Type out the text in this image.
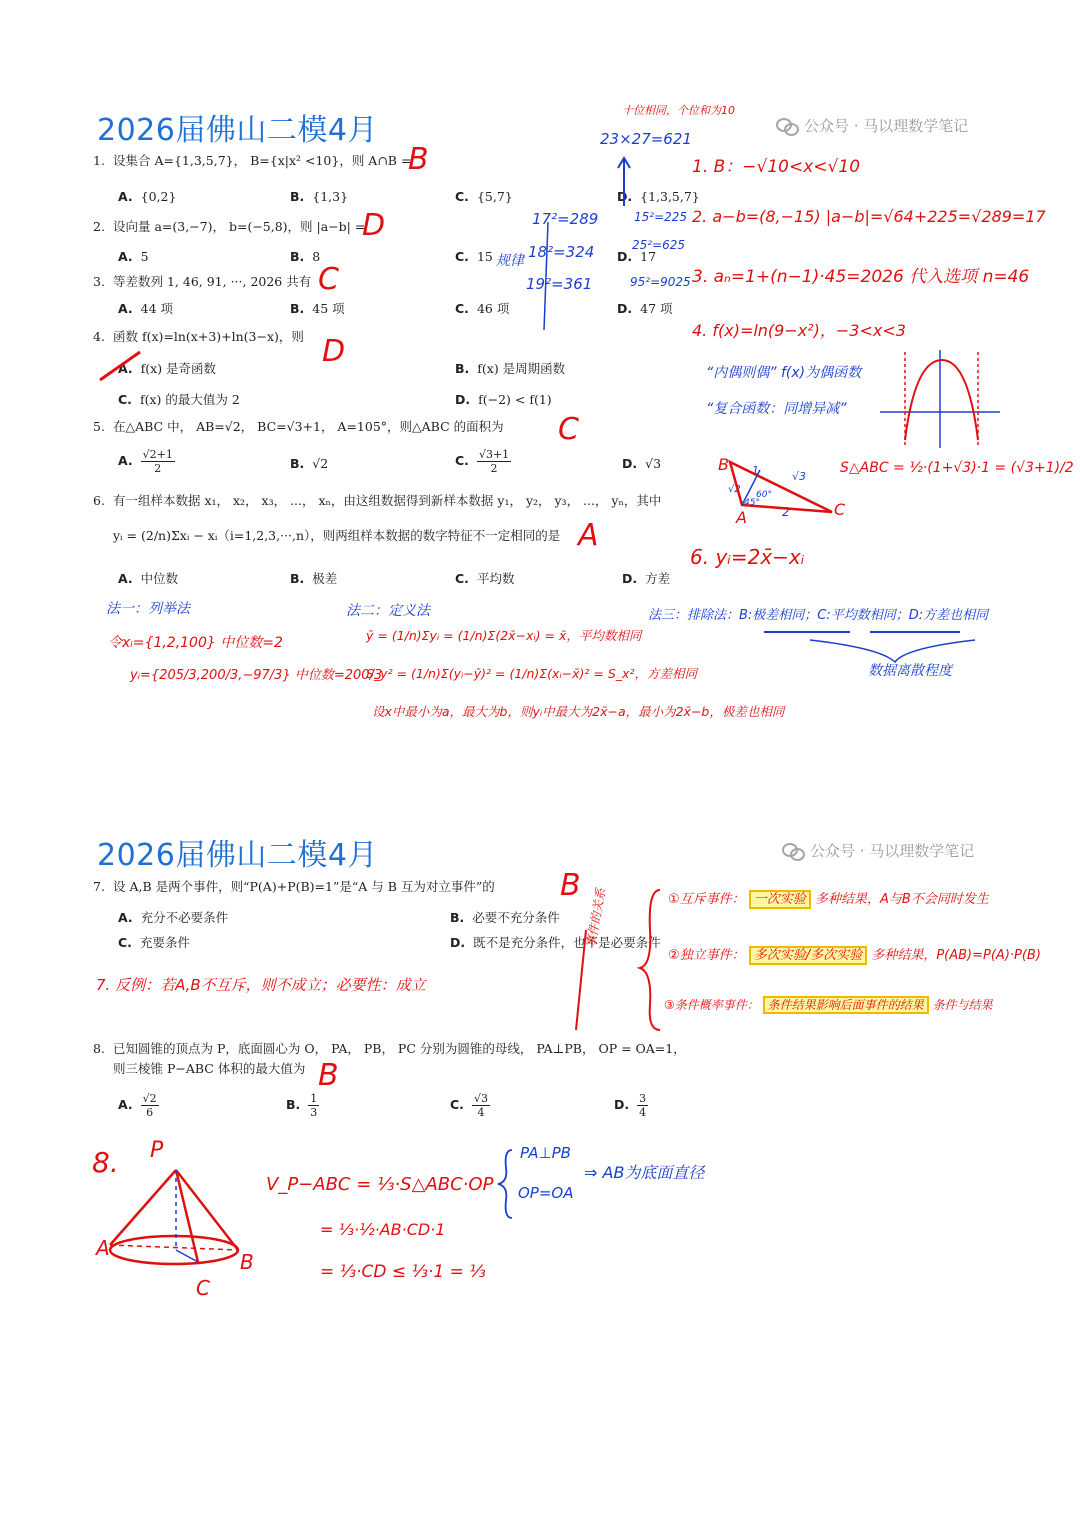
2026届佛山二模4月	公众号 · 马以理数学笔记
1. 设集合 A={1,3,5,7}， B={x|x² <10}，则 A∩B =
A. {0,2}	B. {1,3}	C. {5,7}	D. {1,3,5,7}
2. 设向量 a=(3,−7)， b=(−5,8)，则 |a−b| =
A. 5	B. 8	C. 15	D. 17
3. 等差数列 1, 46, 91, ···, 2026 共有
A. 44 项	B. 45 项	C. 46 项	D. 47 项
4. 函数 f(x)=ln(x+3)+ln(3−x)，则
A. f(x) 是奇函数	B. f(x) 是周期函数
C. f(x) 的最大值为 2	D. f(−2) < f(1)
5. 在△ABC 中， AB=√2， BC=√3+1， A=105°，则△ABC 的面积为
A. $\frac{√2+1}{2}$	B. √2	C. $\frac{√3+1}{2}$	D. √3
6. 有一组样本数据 x₁， x₂， x₃， ...， xₙ，由这组数据得到新样本数据 y₁， y₂， y₃， ...， yₙ，其中
yᵢ = (2/n)Σxᵢ − xᵢ（i=1,2,3,···,n），则两组样本数据的数字特征不一定相同的是
A. 中位数	B. 极差	C. 平均数	D. 方差
B
D
C
D
C
A
1. B：−√10<x<√10
2. a−b=(8,−15) |a−b|=√64+225=√289=17
3. aₙ=1+(n−1)·45=2026 代入选项 n=46
4. f(x)=ln(9−x²)，−3<x<3
“内偶则偶” f(x)为偶函数
“复合函数：同增异减”
S△ABC = ½·(1+√3)·1 = (√3+1)/2
6. yᵢ=2x̄−xᵢ
十位相同，个位和为10
23×27=621
17²=289
18²=324
19²=361
15²=225
25²=625
95²=9025
规律
B
A	C
2
1
√2
√3
60°
45°
法一：列举法
令xᵢ={1,2,100} 中位数=2
yᵢ={205/3,200/3,−97/3} 中位数=200/3
法二：定义法
ȳ = (1/n)Σyᵢ = (1/n)Σ(2x̄−xᵢ) = x̄，平均数相同
S_y² = (1/n)Σ(yᵢ−ȳ)² = (1/n)Σ(xᵢ−x̄)² = S_x²，方差相同
设x中最小为a，最大为b，则yᵢ中最大为2x̄−a，最小为2x̄−b，极差也相同
法三：排除法：B:极差相同；C:平均数相同；D:方差也相同
数据离散程度
2026届佛山二模4月	公众号 · 马以理数学笔记
7. 设 A,B 是两个事件，则“P(A)+P(B)=1”是“A 与 B 互为对立事件”的
A. 充分不必要条件	B. 必要不充分条件
C. 充要条件	D. 既不是充分条件，也不是必要条件
B
8. 已知圆锥的顶点为 P，底面圆心为 O， PA， PB， PC 分别为圆锥的母线， PA⊥PB， OP = OA=1，
则三棱锥 P−ABC 体积的最大值为
A. $\frac{√2}{6}$	B. $\frac{1}{3}$	C. $\frac{√3}{4}$	D. $\frac{3}{4}$
B
7. 反例：若A,B不互斥，则不成立；必要性：成立
事件的关系	①互斥事件： 一次实验 多种结果，A与B不会同时发生
②独立事件： 多次实验/多次实验 多种结果，P(AB)=P(A)·P(B)
③条件概率事件： 条件结果影响后面事件的结果 条件与结果
V_P−ABC = ⅓·S△ABC·OP
= ⅓·½·AB·CD·1
= ⅓·CD ≤ ⅓·1 = ⅓
PA⊥PB
OP=OA
⇒ AB为底面直径
8. P
A
B
C
